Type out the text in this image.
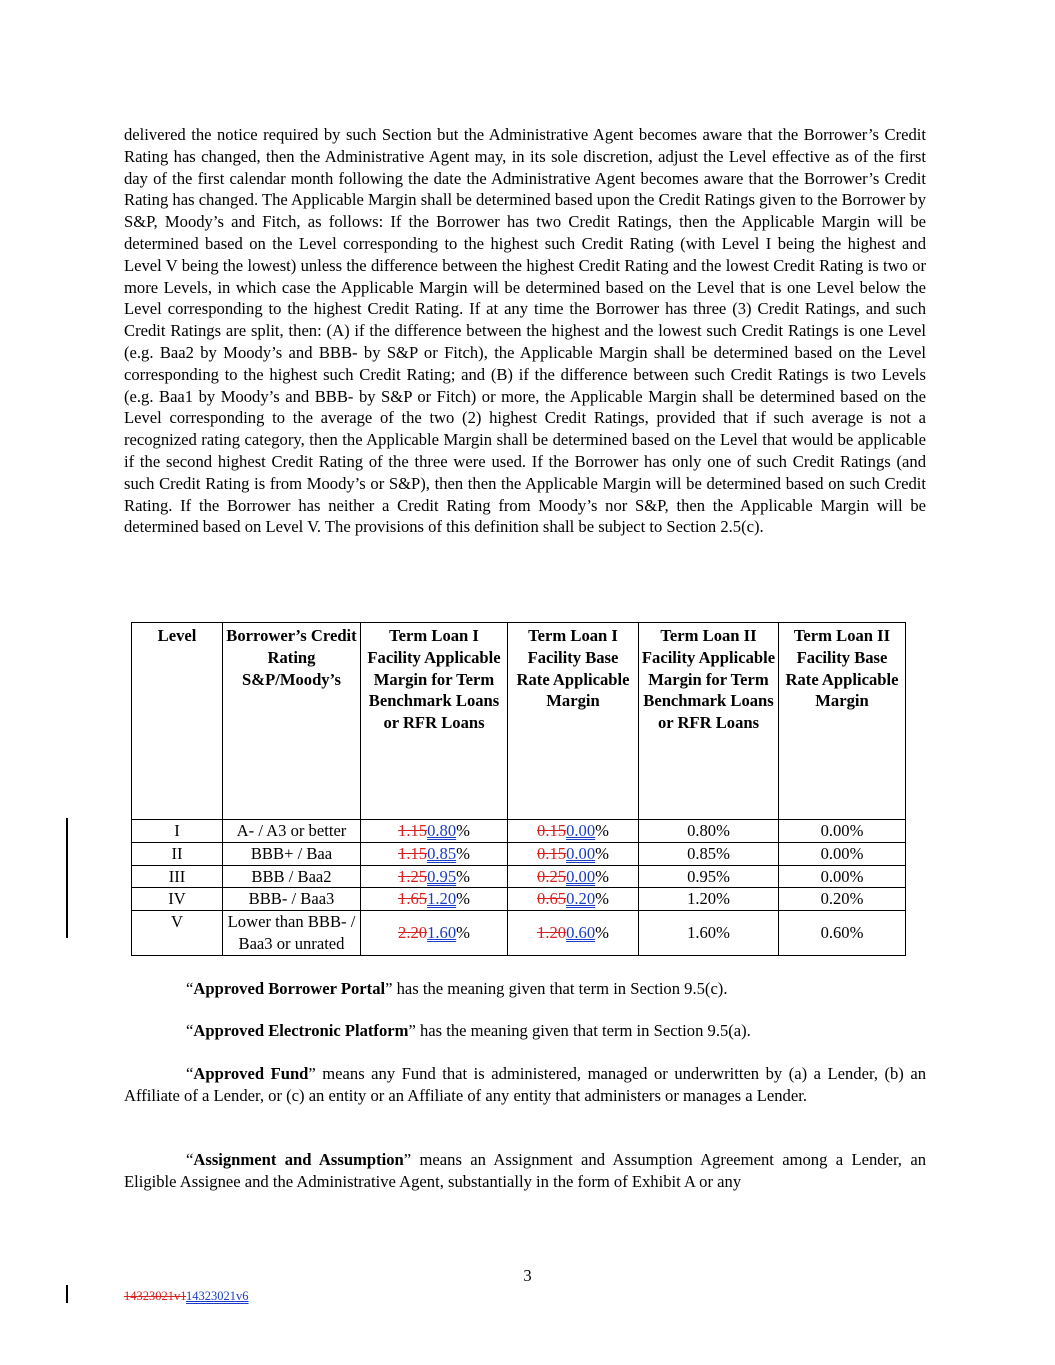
delivered the notice required by such Section but the Administrative Agent becomes aware that the Borrower’s Credit Rating has changed, then the Administrative Agent may, in its sole discretion, adjust the Level effective as of the first day of the first calendar month following the date the Administrative Agent becomes aware that the Borrower’s Credit Rating has changed. The Applicable Margin shall be determined based upon the Credit Ratings given to the Borrower by S&P, Moody’s and Fitch, as follows: If the Borrower has two Credit Ratings, then the Applicable Margin will be determined based on the Level corresponding to the highest such Credit Rating (with Level I being the highest and Level V being the lowest) unless the difference between the highest Credit Rating and the lowest Credit Rating is two or more Levels, in which case the Applicable Margin will be determined based on the Level that is one Level below the Level corresponding to the highest Credit Rating. If at any time the Borrower has three (3) Credit Ratings, and such Credit Ratings are split, then: (A) if the difference between the highest and the lowest such Credit Ratings is one Level (e.g. Baa2 by Moody’s and BBB- by S&P or Fitch), the Applicable Margin shall be determined based on the Level corresponding to the highest such Credit Rating; and (B) if the difference between such Credit Ratings is two Levels (e.g. Baa1 by Moody’s and BBB- by S&P or Fitch) or more, the Applicable Margin shall be determined based on the Level corresponding to the average of the two (2) highest Credit Ratings, provided that if such average is not a recognized rating category, then the Applicable Margin shall be determined based on the Level that would be applicable if the second highest Credit Rating of the three were used. If the Borrower has only one of such Credit Ratings (and such Credit Rating is from Moody’s or S&P), then then the Applicable Margin will be determined based on such Credit Rating. If the Borrower has neither a Credit Rating from Moody’s nor S&P, then the Applicable Margin will be determined based on Level V. The provisions of this definition shall be subject to Section 2.5(c).

Level	Borrower’s Credit Rating S&P/Moody’s	Term Loan I Facility Applicable Margin for Term Benchmark Loans or RFR Loans	Term Loan I Facility Base Rate Applicable Margin	Term Loan II Facility Applicable Margin for Term Benchmark Loans or RFR Loans	Term Loan II Facility Base Rate Applicable Margin
I	A- / A3 or better	1.150.80%	0.150.00%	0.80%	0.00%
II	BBB+ / Baa	1.150.85%	0.150.00%	0.85%	0.00%
III	BBB / Baa2	1.250.95%	0.250.00%	0.95%	0.00%
IV	BBB- / Baa3	1.651.20%	0.650.20%	1.20%	0.20%
V	Lower than BBB- / Baa3 or unrated	2.201.60%	1.200.60%	1.60%	0.60%

“Approved Borrower Portal” has the meaning given that term in Section 9.5(c).

“Approved Electronic Platform” has the meaning given that term in Section 9.5(a).

“Approved Fund” means any Fund that is administered, managed or underwritten by (a) a Lender, (b) an Affiliate of a Lender, or (c) an entity or an Affiliate of any entity that administers or manages a Lender.

“Assignment and Assumption” means an Assignment and Assumption Agreement among a Lender, an Eligible Assignee and the Administrative Agent, substantially in the form of Exhibit A or any

3
14323021v114323021v6
